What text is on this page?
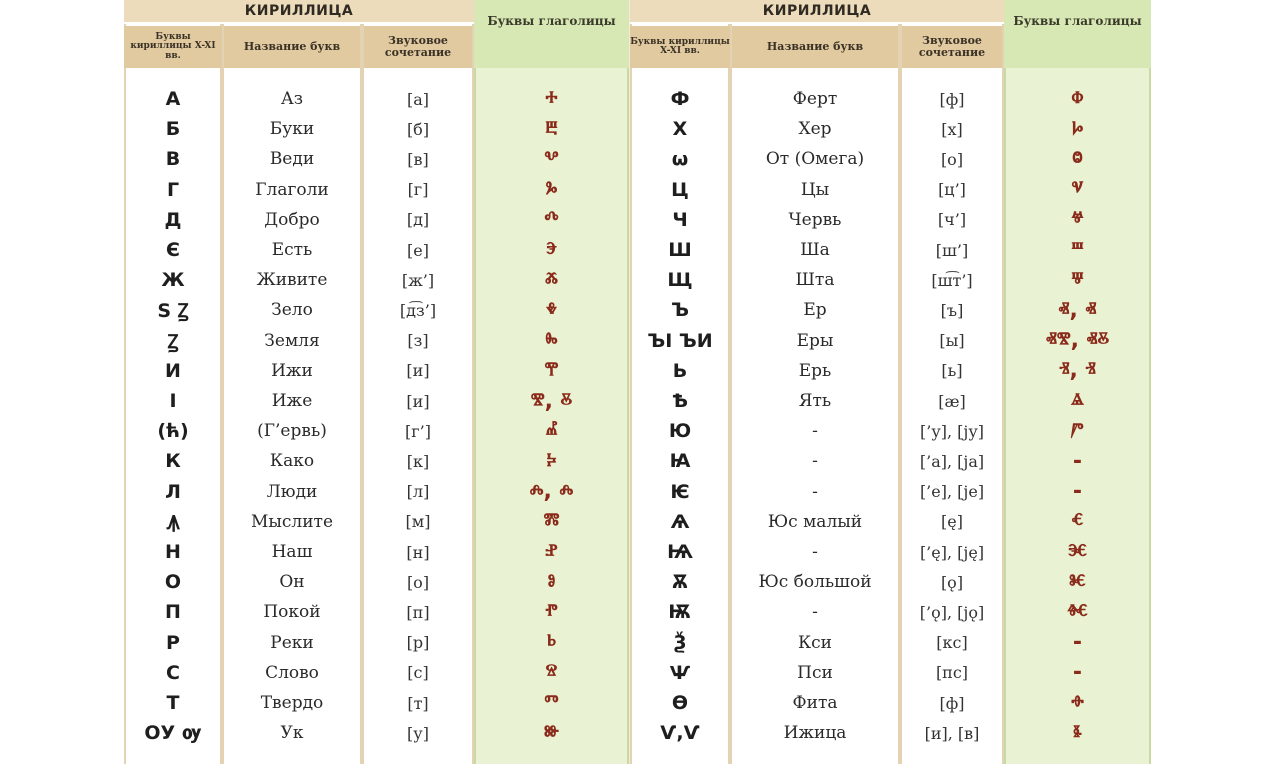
КИРИЛЛИЦА
Буквы кириллицы X-XI вв.
Название букв	Звуковое сочетание
Буквы глаголицы
А	Аз	[а]	ⰰ
Б	Буки	[б]	ⰱ
В	Веди	[в]	ⰲ
Г	Глаголи	[г]	ⰳ
Д	Добро	[д]	ⰴ
Є	Есть	[е]	ⰵ
Ж	Живите	[ж’]	ⰶ
Ѕ Ꙁ	Зело	[д͡з’]	ⰷ
Ꙁ	Земля	[з]	ⰸ
И	Ижи	[и]	ⰹ
І	Иже	[и]	ⰺ, ⰻ
(ћ)	(Г’ервь)	[г’]	ⰼ
К	Како	[к]	ⰽ
Л	Люди	[л]	ⰾ, ⰾ
Ꙟ	Мыслите	[м]	ⰿ
Н	Наш	[н]	ⱀ
О	Он	[о]	ⱁ
П	Покой	[п]	ⱂ
Р	Реки	[р]	ⱃ
С	Слово	[с]	ⱄ
Т	Твердо	[т]	ⱅ
ОУ ѹ	Ук	[у]	ⱆ
КИРИЛЛИЦА
Буквы кириллицы X-XI вв.	Название букв	Звуковое сочетание
Буквы глаголицы
Ф	Ферт	[ф]	ⱇ
Х	Хер	[х]	ⱈ
ω	От (Омега)	[о]	ⱉ
Ц	Цы	[ц’]	ⱌ
Ч	Червь	[ч’]	ⱍ
Ш	Ша	[ш’]	ⱎ
Щ	Шта	[ш͡т’]	ⱋ
Ъ	Ер	[ъ]	ⱏ, ⱏ
ЪІ ЪИ	Еры	[ы]	ⱏⰺ, ⱏⰻ
Ь	Ерь	[ь]	ⱐ, ⱐ
Ѣ	Ять	[æ]	ⱑ
Ю	-	[’у], [jу]	ⱓ
Ꙗ	-	[’а], [jа]	-
Ѥ	-	[’е], [jе]	-
Ѧ	Юс малый	[ę]	ⱔ
Ѩ	-	[’ę], [ję]	ⱗ
Ѫ	Юс большой	[ǫ]	ⱘ
Ѭ	-	[’ǫ], [jǫ]	ⱙ
Ѯ	Кси	[кс]	-
Ѱ	Пси	[пс]	-
Ѳ	Фита	[ф]	ⱚ
Ѵ,Ѵ	Ижица	[и], [в]	ⱛ
